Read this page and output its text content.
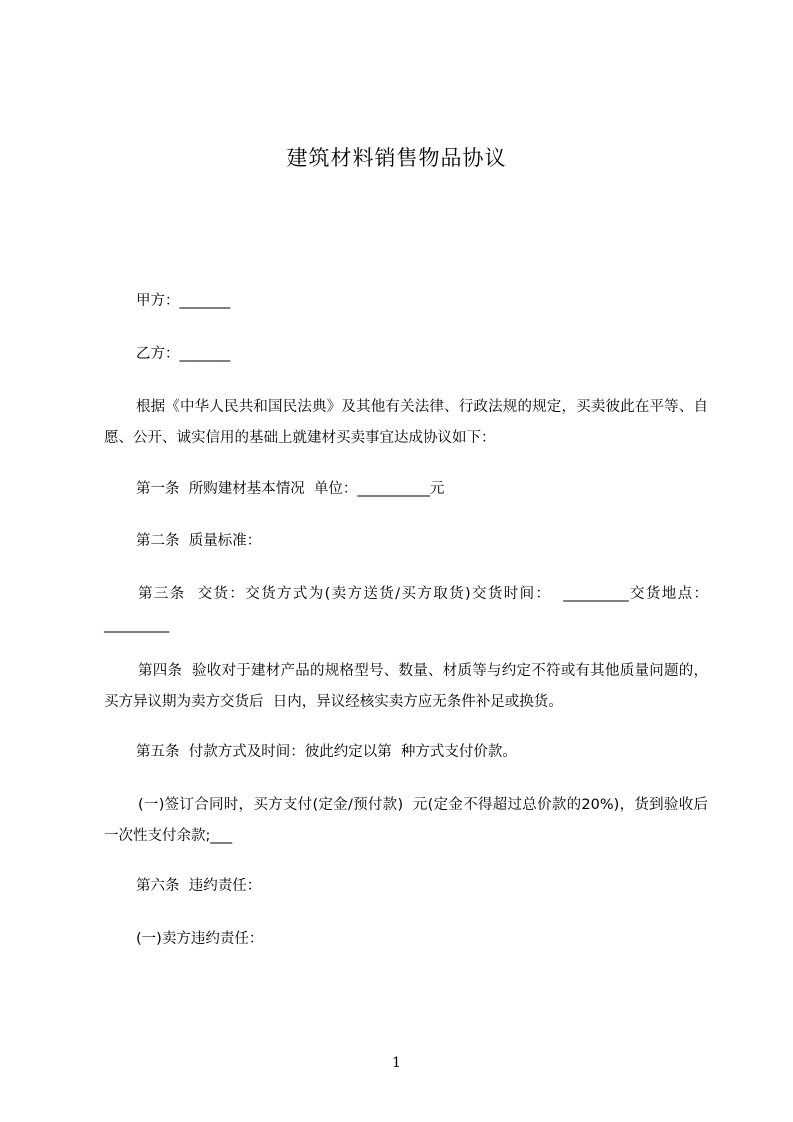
建筑材料销售物品协议

甲方：_______

乙方：_______

根据《中华人民共和国民法典》及其他有关法律、行政法规的规定，买卖彼此在平等、自愿、公开、诚实信用的基础上就建材买卖事宜达成协议如下：

第一条  所购建材基本情况  单位：__________元

第二条  质量标准：

第三条  交货：交货方式为(卖方送货/买方取货)交货时间：  _________交货地点：_________

第四条  验收对于建材产品的规格型号、数量、材质等与约定不符或有其他质量问题的，买方异议期为卖方交货后  日内，异议经核实卖方应无条件补足或换货。

第五条  付款方式及时间：彼此约定以第  种方式支付价款。

(一)签订合同时，买方支付(定金/预付款)  元(定金不得超过总价款的20%)，货到验收后一次性支付余款;___

第六条  违约责任：

(一)卖方违约责任：

1
